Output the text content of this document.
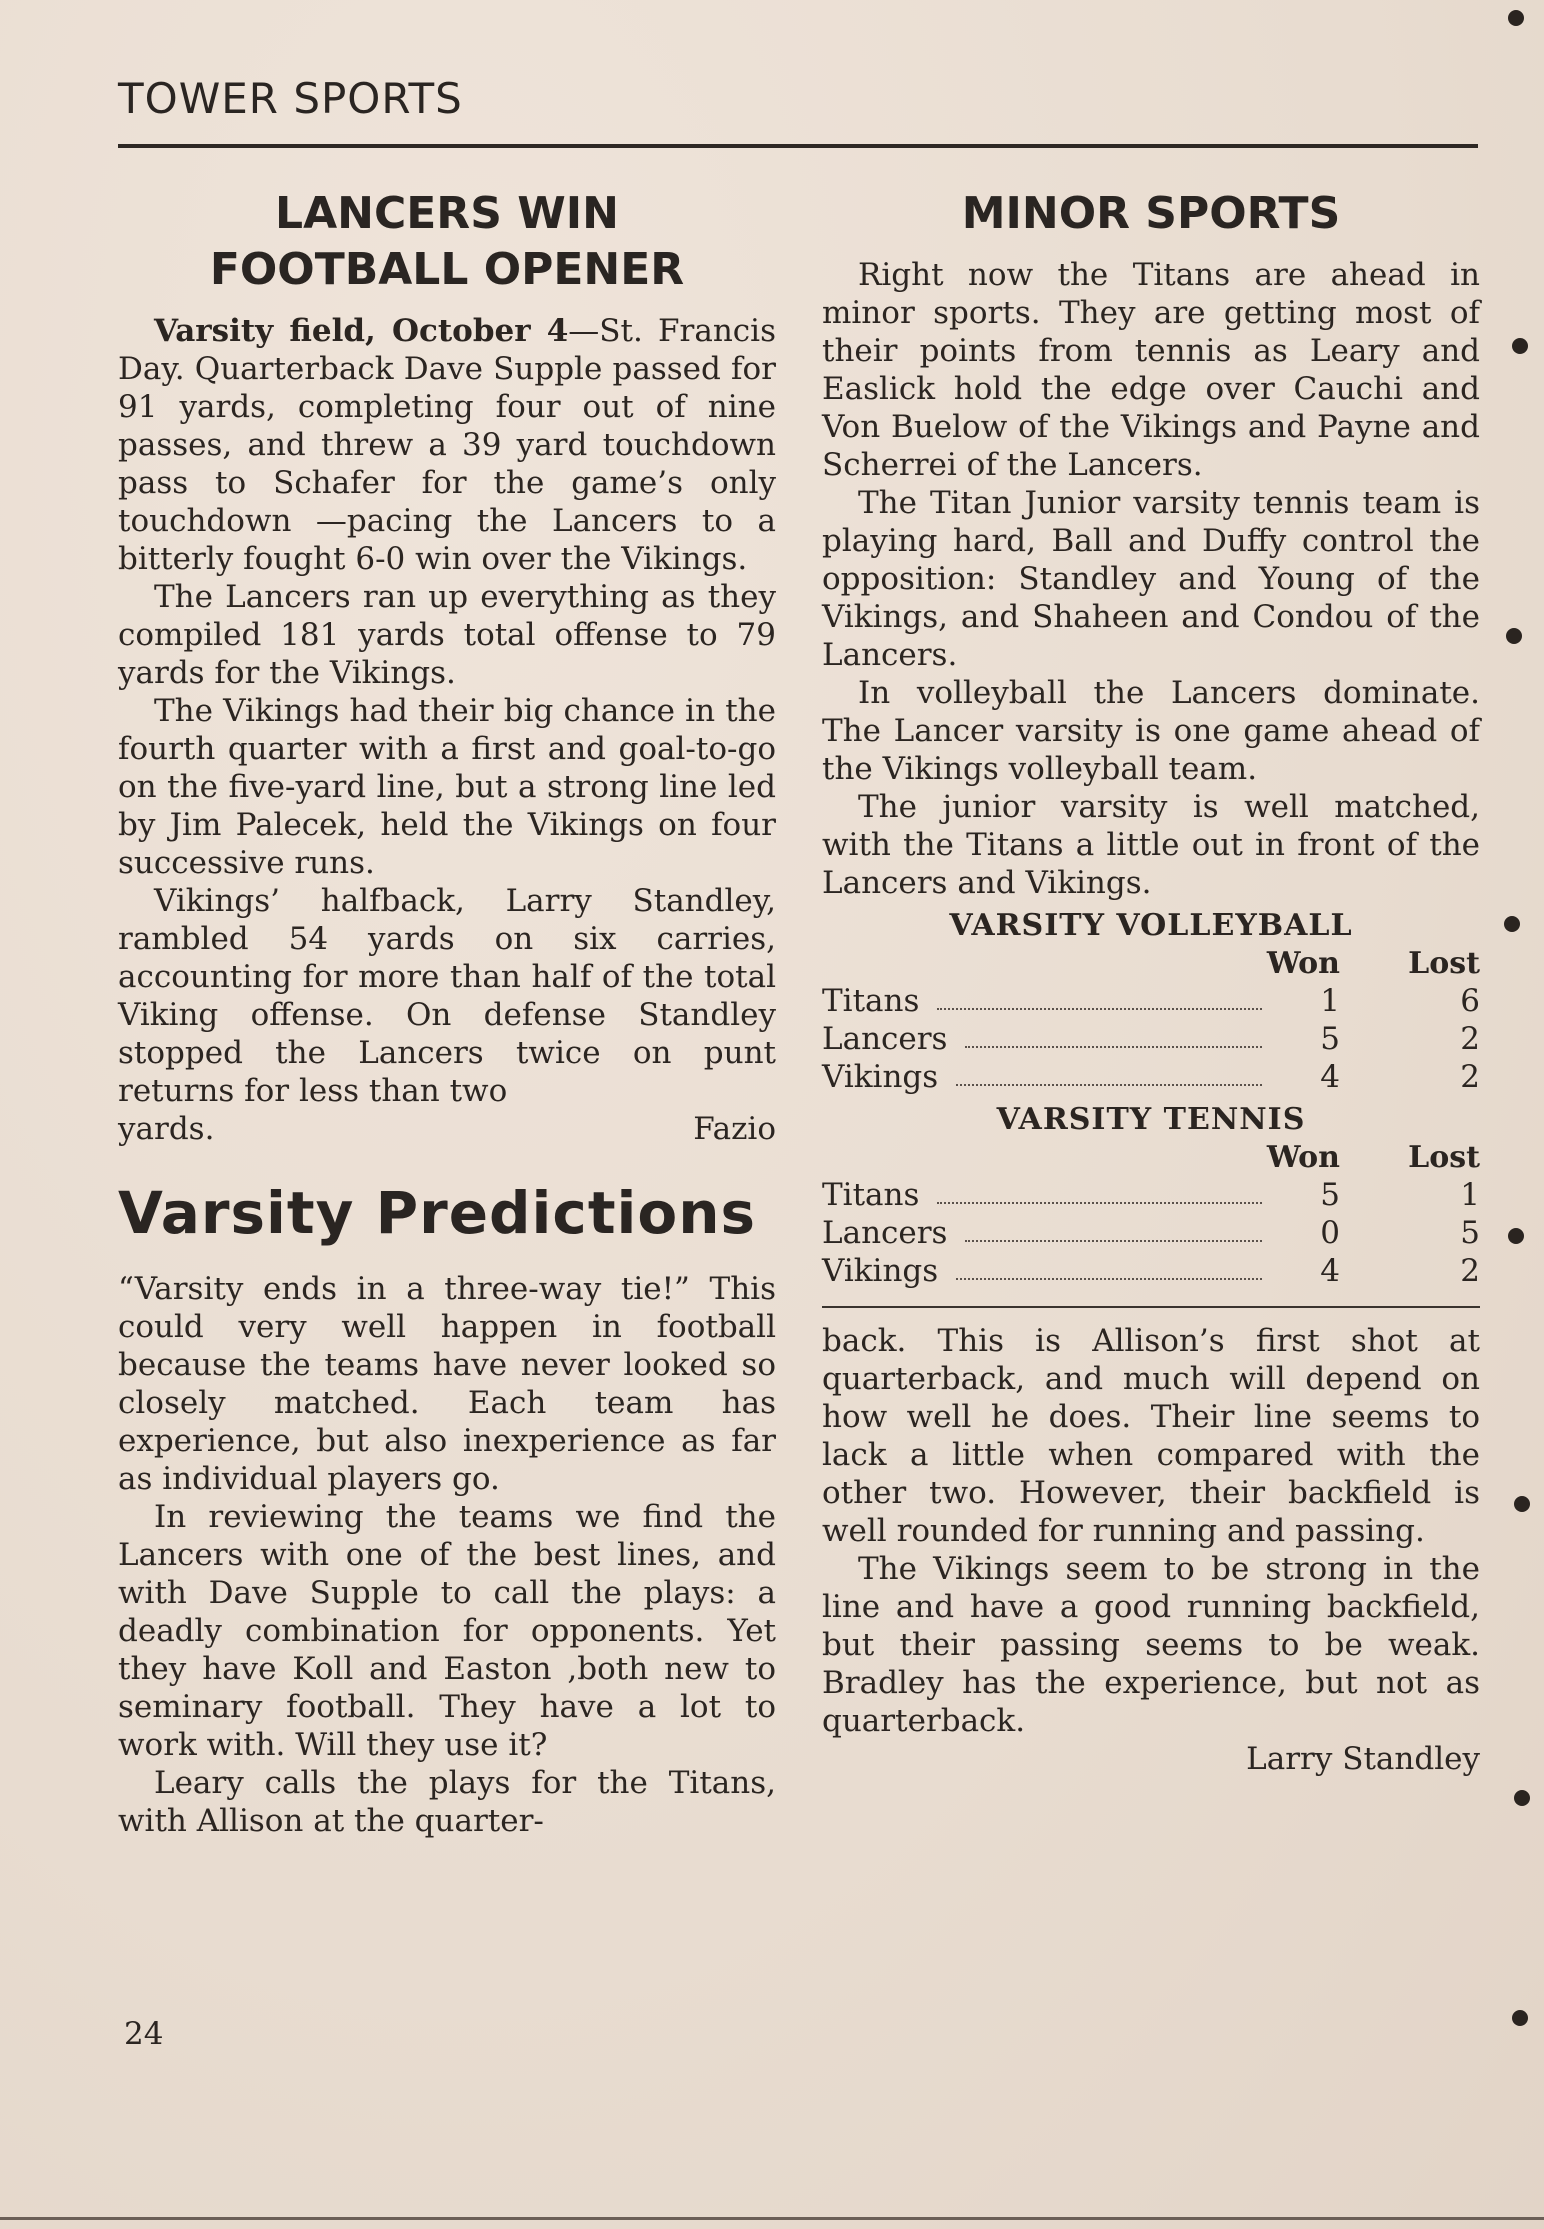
TOWER SPORTS
LANCERS WIN
FOOTBALL OPENER

Varsity field, October 4—St. Francis Day. Quarterback Dave Supple passed for 91 yards, completing four out of nine passes, and threw a 39 yard touchdown pass to Schafer for the game’s only touchdown —pacing the Lancers to a bitterly fought 6-0 win over the Vikings.

The Lancers ran up everything as they compiled 181 yards total offense to 79 yards for the Vikings.

The Vikings had their big chance in the fourth quarter with a first and goal-to-go on the five-yard line, but a strong line led by Jim Palecek, held the Vikings on four successive runs.

Vikings’ halfback, Larry Standley, rambled 54 yards on six carries, accounting for more than half of the total Viking offense. On defense Standley stopped the Lancers twice on punt returns for less than two

yards.	Fazio
Varsity Predictions

“Varsity ends in a three-way tie!” This could very well happen in football because the teams have never looked so closely matched. Each team has experience, but also inexperience as far as individual players go.

In reviewing the teams we find the Lancers with one of the best lines, and with Dave Supple to call the plays: a deadly combination for opponents. Yet they have Koll and Easton ,both new to seminary football. They have a lot to work with. Will they use it?

Leary calls the plays for the Titans, with Allison at the quarter-

MINOR SPORTS

Right now the Titans are ahead in minor sports. They are getting most of their points from tennis as Leary and Easlick hold the edge over Cauchi and Von Buelow of the Vikings and Payne and Scherrei of the Lancers.

The Titan Junior varsity tennis team is playing hard, Ball and Duffy control the opposition: Standley and Young of the Vikings, and Shaheen and Condou of the Lancers.

In volleyball the Lancers dominate. The Lancer varsity is one game ahead of the Vikings volleyball team.

The junior varsity is well matched, with the Titans a little out in front of the Lancers and Vikings.

VARSITY VOLLEYBALL
Won	Lost
Titans	1	6
Lancers	5	2
Vikings	4	2
VARSITY TENNIS
Won	Lost
Titans	5	1
Lancers	0	5
Vikings	4	2

back. This is Allison’s first shot at quarterback, and much will depend on how well he does. Their line seems to lack a little when compared with the other two. However, their backfield is well rounded for running and passing.

The Vikings seem to be strong in the line and have a good running backfield, but their passing seems to be weak. Bradley has the experience, but not as quarterback.

Larry Standley

24
